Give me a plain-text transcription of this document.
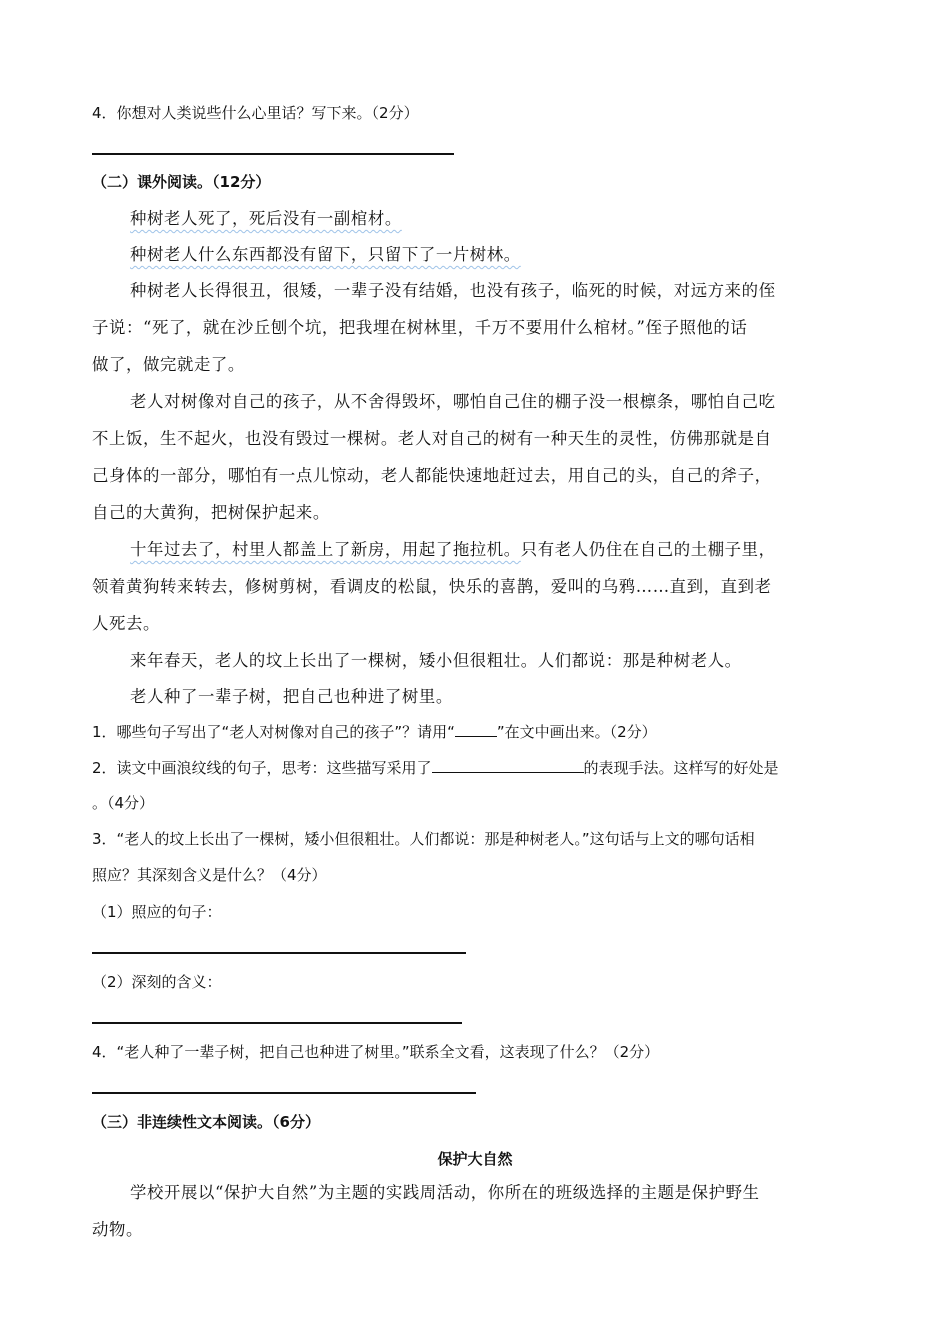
4．你想对人类说些什么心里话？写下来。（2分）
（二）课外阅读。（12分）
种树老人死了，死后没有一副棺材。
种树老人什么东西都没有留下，只留下了一片树林。
种树老人长得很丑，很矮，一辈子没有结婚，也没有孩子，临死的时候，对远方来的侄
子说：“死了，就在沙丘刨个坑，把我埋在树林里，千万不要用什么棺材。”侄子照他的话
做了，做完就走了。
老人对树像对自己的孩子，从不舍得毁坏，哪怕自己住的棚子没一根檩条，哪怕自己吃
不上饭，生不起火，也没有毁过一棵树。老人对自己的树有一种天生的灵性，仿佛那就是自
己身体的一部分，哪怕有一点儿惊动，老人都能快速地赶过去，用自己的头，自己的斧子，
自己的大黄狗，把树保护起来。
十年过去了，村里人都盖上了新房，用起了拖拉机。只有老人仍住在自己的土棚子里，
领着黄狗转来转去，修树剪树，看调皮的松鼠，快乐的喜鹊，爱叫的乌鸦……直到，直到老
人死去。
来年春天，老人的坟上长出了一棵树，矮小但很粗壮。人们都说：那是种树老人。
老人种了一辈子树，把自己也种进了树里。
1．哪些句子写出了“老人对树像对自己的孩子”？请用“	”在文中画出来。（2分）
2．读文中画浪纹线的句子，思考：这些描写采用了	的表现手法。这样写的好处是
。（4分）
3．“老人的坟上长出了一棵树，矮小但很粗壮。人们都说：那是种树老人。”这句话与上文的哪句话相
照应？其深刻含义是什么？（4分）
（1）照应的句子：
（2）深刻的含义：
4．“老人种了一辈子树，把自己也种进了树里。”联系全文看，这表现了什么？（2分）
（三）非连续性文本阅读。（6分）
保护大自然
学校开展以“保护大自然”为主题的实践周活动，你所在的班级选择的主题是保护野生
动物。
